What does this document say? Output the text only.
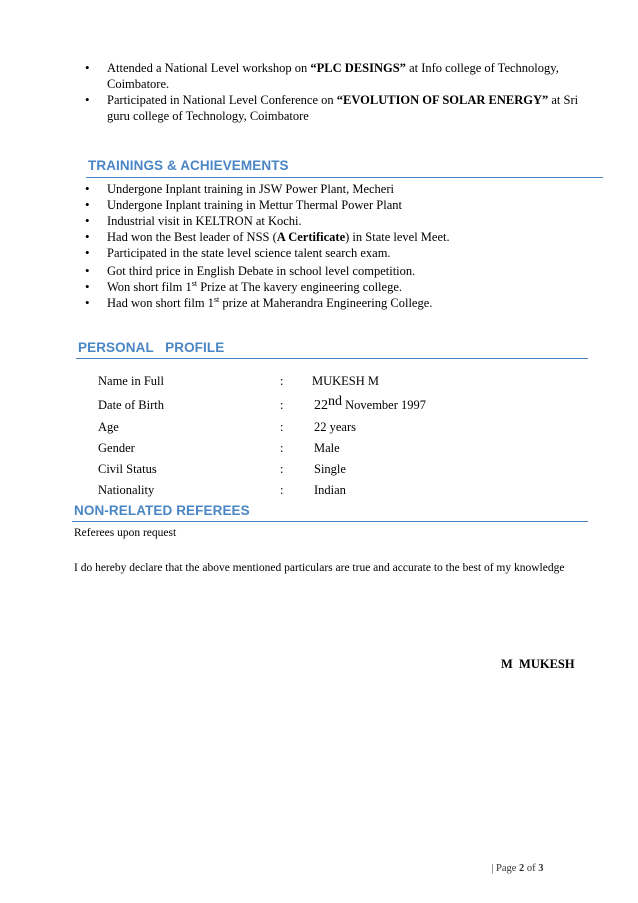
• Attended a National Level workshop on “PLC DESINGS” at Info college of Technology,
Coimbatore.
• Participated in National Level Conference on “EVOLUTION OF SOLAR ENERGY” at Sri
guru college of Technology, Coimbatore
TRAININGS & ACHIEVEMENTS
• Undergone Inplant training in JSW Power Plant, Mecheri
• Undergone Inplant training in Mettur Thermal Power Plant
• Industrial visit in KELTRON at Kochi.
• Had won the Best leader of NSS (A Certificate) in State level Meet.
• Participated in the state level science talent search exam.
• Got third price in English Debate in school level competition.
• Won short film 1st Prize at The kavery engineering college.
• Had won short film 1st prize at Maherandra Engineering College.
PERSONAL   PROFILE
Name in Full	: MUKESH M
Date of Birth	: 22nd November 1997
Age	: 22 years
Gender	: Male
Civil Status	: Single
Nationality	: Indian
NON-RELATED REFEREES
Referees upon request
I do hereby declare that the above mentioned particulars are true and accurate to the best of my knowledge
M  MUKESH

| Page 2 of 3
